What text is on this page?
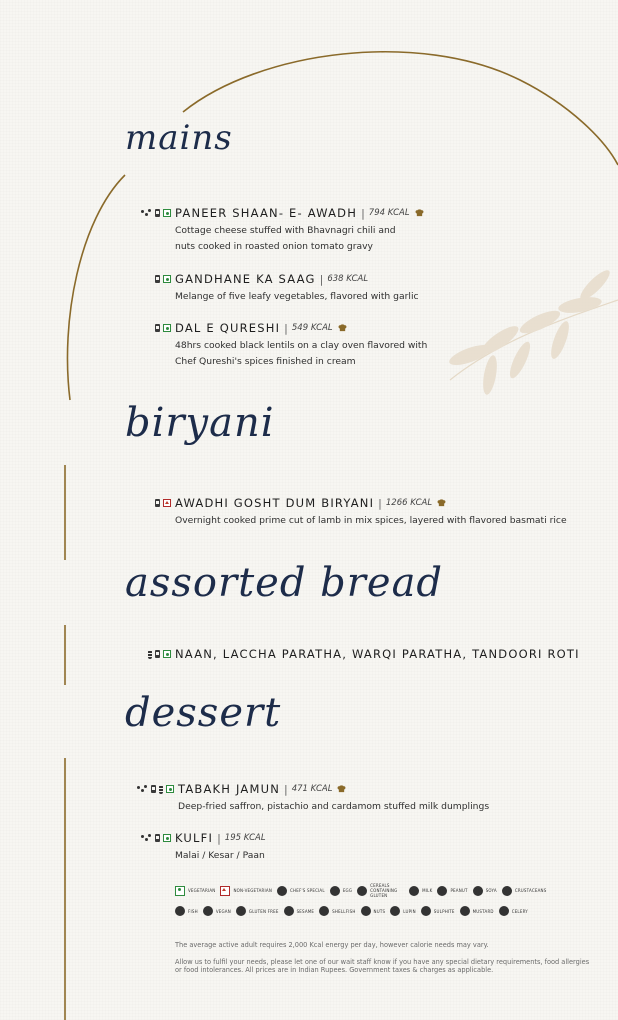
mains
biryani
assorted bread
dessert
PANEER SHAAN- E- AWADH | 794 KCAL
Cottage cheese stuffed with Bhavnagri chili and
nuts cooked in roasted onion tomato gravy
GANDHANE KA SAAG | 638 KCAL
Melange of five leafy vegetables, flavored with garlic
DAL E QURESHI | 549 KCAL
48hrs cooked black lentils on a clay oven flavored with
Chef Qureshi's spices finished in cream
AWADHI GOSHT DUM BIRYANI | 1266 KCAL
Overnight cooked prime cut of lamb in mix spices, layered with flavored basmati rice
NAAN, LACCHA PARATHA, WARQI PARATHA, TANDOORI ROTI
TABAKH JAMUN | 471 KCAL
Deep-fried saffron, pistachio and cardamom stuffed milk dumplings
KULFI | 195 KCAL
Malai / Kesar / Paan
VEGETARIAN	NON-VEGETARIAN	CHEF'S SPECIAL	EGG
CEREALS CONTAINING GLUTEN
MILK	PEANUT	SOYA	CRUSTACEANS
FISH	VEGAN	GLUTEN FREE	SESAME	SHELLFISH	NUTS	LUPIN	SULPHITE	MUSTARD	CELERY
The average active adult requires 2,000 Kcal energy per day, however calorie needs may vary.
Allow us to fulfil your needs, please let one of our wait staff know if you have any special dietary requirements, food allergies or food intolerances. All prices are in Indian Rupees. Government taxes & charges as applicable.
